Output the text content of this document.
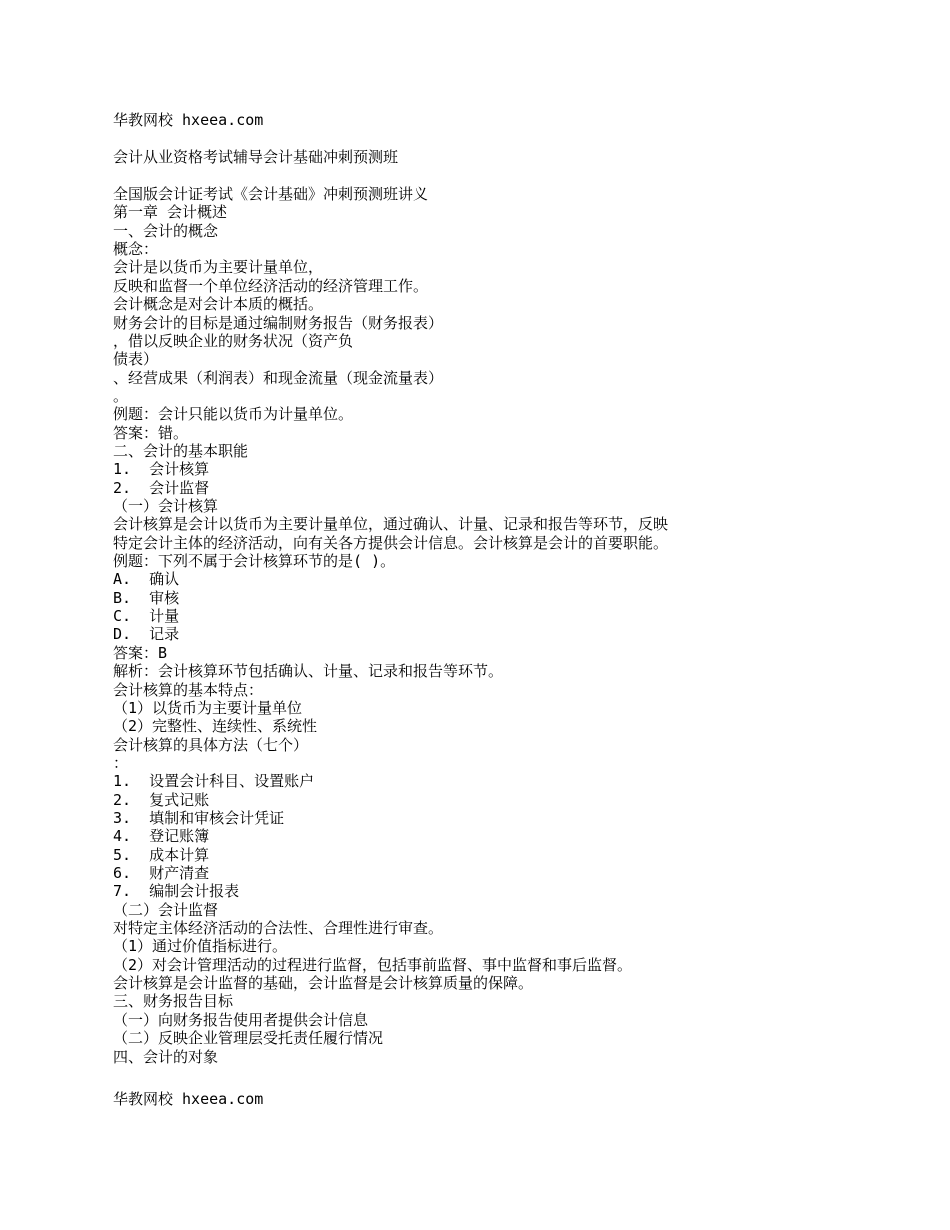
华教网校 hxeea.com
会计从业资格考试辅导会计基础冲刺预测班
全国版会计证考试《会计基础》冲刺预测班讲义
第一章 会计概述
一、会计的概念
概念：
会计是以货币为主要计量单位，
反映和监督一个单位经济活动的经济管理工作。
会计概念是对会计本质的概括。
财务会计的目标是通过编制财务报告（财务报表）
，借以反映企业的财务状况（资产负
债表）
、经营成果（利润表）和现金流量（现金流量表）
。
例题：会计只能以货币为计量单位。
答案：错。
二、会计的基本职能
1.  会计核算
2.  会计监督
（一）会计核算
会计核算是会计以货币为主要计量单位，通过确认、计量、记录和报告等环节，反映
特定会计主体的经济活动，向有关各方提供会计信息。会计核算是会计的首要职能。
例题：下列不属于会计核算环节的是( )。
A.  确认
B.  审核
C.  计量
D.  记录
答案：B
解析：会计核算环节包括确认、计量、记录和报告等环节。
会计核算的基本特点：
（1）以货币为主要计量单位
（2）完整性、连续性、系统性
会计核算的具体方法（七个）
：
1.  设置会计科目、设置账户
2.  复式记账
3.  填制和审核会计凭证
4.  登记账簿
5.  成本计算
6.  财产清查
7.  编制会计报表
（二）会计监督
对特定主体经济活动的合法性、合理性进行审查。
（1）通过价值指标进行。
（2）对会计管理活动的过程进行监督，包括事前监督、事中监督和事后监督。
会计核算是会计监督的基础，会计监督是会计核算质量的保障。
三、财务报告目标
（一）向财务报告使用者提供会计信息
（二）反映企业管理层受托责任履行情况
四、会计的对象
华教网校 hxeea.com
